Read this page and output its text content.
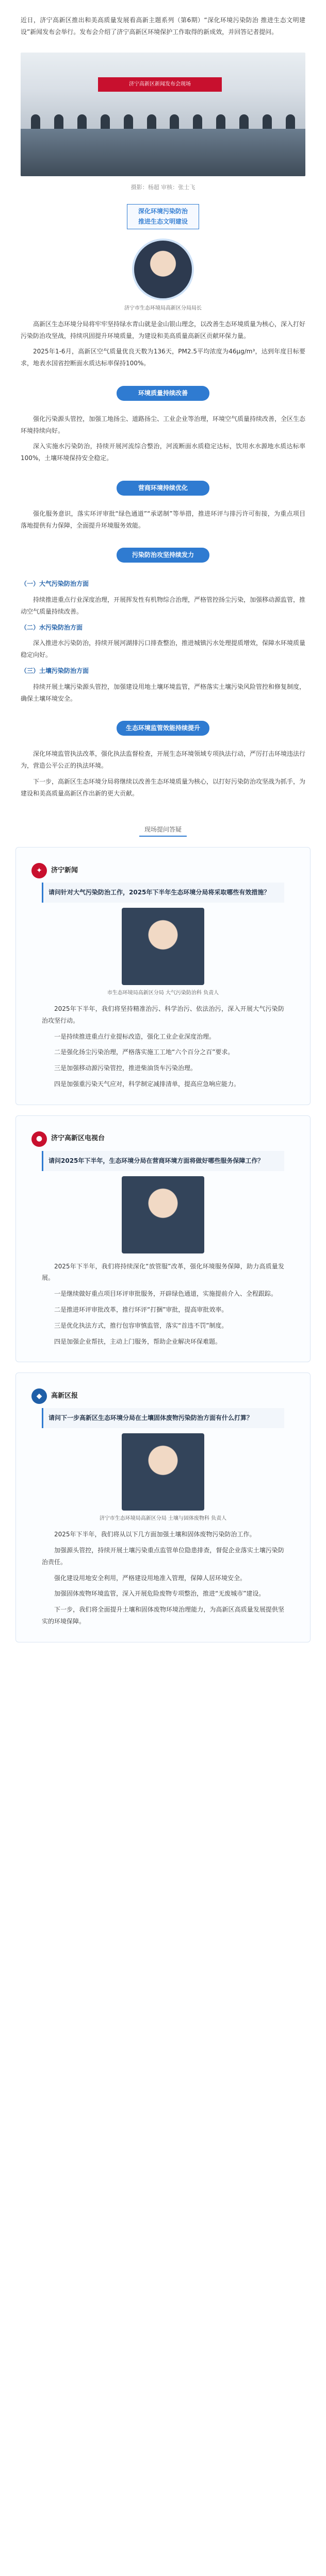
近日，济宁高新区推出和美高质量发展看高新主题系列（第6期）“深化环境污染防治 推进生态文明建设”新闻发布会举行。发布会介绍了济宁高新区环境保护工作取得的新成效，并回答记者提问。
济宁高新区新闻发布会现场
摄影：杨超 审核：张士飞
深化环境污染防治
推进生态文明建设
济宁市生态环境局高新区分局局长

高新区生态环境分局将牢牢坚持绿水青山就是金山银山理念，以改善生态环境质量为核心，深入打好污染防治攻坚战，持续巩固提升环境质量，为建设和美高质量高新区贡献环保力量。

2025年1-6月，高新区空气质量优良天数为136天，PM2.5平均浓度为46μg/m³，达到年度目标要求，地表水国省控断面水质达标率保持100%。

环境质量持续改善

强化污染源头管控，加强工地扬尘、道路扬尘、工业企业等治理，环境空气质量持续改善，全区生态环境持续向好。

深入实施水污染防治，持续开展河流综合整治，河流断面水质稳定达标，饮用水水源地水质达标率100%，土壤环境保持安全稳定。

营商环境持续优化

强化服务意识，落实环评审批“绿色通道”“承诺制”等举措，推进环评与排污许可衔接，为重点项目落地提供有力保障，全面提升环境服务效能。

污染防治攻坚持续发力

（一）大气污染防治方面

持续推进重点行业深度治理，开展挥发性有机物综合治理，严格管控扬尘污染，加强移动源监管，推动空气质量持续改善。

（二）水污染防治方面

深入推进水污染防治，持续开展河湖排污口排查整治，推进城镇污水处理提质增效，保障水环境质量稳定向好。

（三）土壤污染防治方面

持续开展土壤污染源头管控，加强建设用地土壤环境监管，严格落实土壤污染风险管控和修复制度，确保土壤环境安全。

生态环境监管效能持续提升

深化环境监管执法改革，强化执法监督检查，开展生态环境领域专项执法行动，严厉打击环境违法行为，营造公平公正的执法环境。

下一步，高新区生态环境分局将继续以改善生态环境质量为核心，以打好污染防治攻坚战为抓手，为建设和美高质量高新区作出新的更大贡献。

现场提问答疑
✦	济宁新闻
请问针对大气污染防治工作，2025年下半年生态环境分局将采取哪些有效措施？
市生态环境局高新区分局 大气污染防治科 负责人

2025年下半年，我们将坚持精准治污、科学治污、依法治污，深入开展大气污染防治攻坚行动。

一是持续推进重点行业提标改造，强化工业企业深度治理。

二是强化扬尘污染治理，严格落实施工工地“六个百分之百”要求。

三是加强移动源污染管控，推进柴油货车污染治理。

四是加强重污染天气应对，科学制定减排清单，提高应急响应能力。

●	济宁高新区电视台
请问2025年下半年，生态环境分局在营商环境方面将做好哪些服务保障工作？

2025年下半年，我们将持续深化“放管服”改革，强化环境服务保障，助力高质量发展。

一是继续做好重点项目环评审批服务，开辟绿色通道，实施提前介入、全程跟踪。

二是推进环评审批改革，推行环评“打捆”审批，提高审批效率。

三是优化执法方式，推行包容审慎监管，落实“首违不罚”制度。

四是加强企业帮扶，主动上门服务，帮助企业解决环保难题。

◆	高新区报
请问下一步高新区生态环境分局在土壤固体废物污染防治方面有什么打算？
济宁市生态环境局高新区分局 土壤与固体废物科 负责人

2025年下半年，我们将从以下几方面加强土壤和固体废物污染防治工作。

加强源头管控，持续开展土壤污染重点监管单位隐患排查，督促企业落实土壤污染防治责任。

强化建设用地安全利用，严格建设用地准入管理，保障人居环境安全。

加强固体废物环境监管，深入开展危险废物专项整治，推进“无废城市”建设。

下一步，我们将全面提升土壤和固体废物环境治理能力，为高新区高质量发展提供坚实的环境保障。
